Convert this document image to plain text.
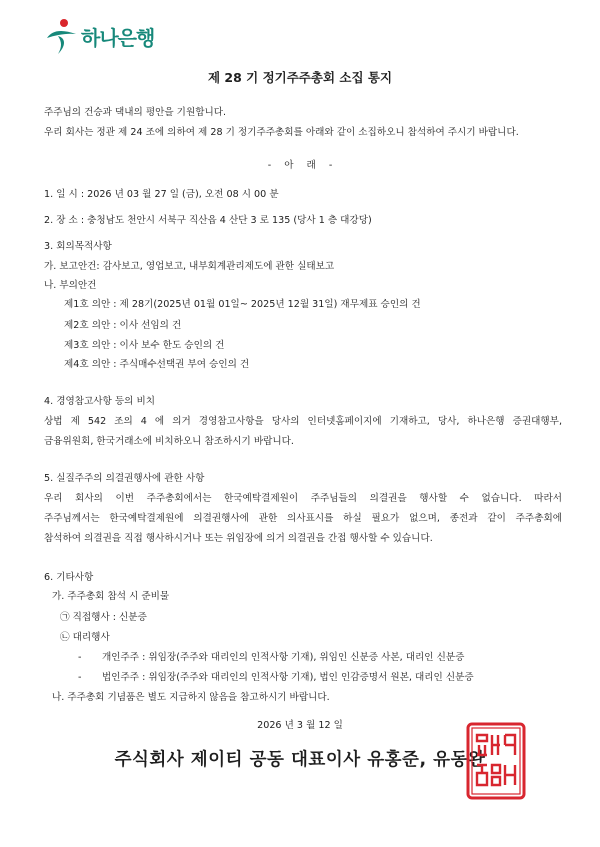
하나은행
제 28 기 정기주주총회 소집 통지
주주님의 건승과 댁내의 평안을 기원합니다.
우리 회사는 정관 제 24 조에 의하여 제 28 기 정기주주총회를 아래와 같이 소집하오니 참석하여 주시기 바랍니다.
- 아 래 -
1. 일 시 : 2026 년 03 월 27 일 (금), 오전 08 시 00 분
2. 장 소 : 충청남도 천안시 서북구 직산읍 4 산단 3 로 135 (당사 1 층 대강당)
3. 회의목적사항
가. 보고안건: 감사보고, 영업보고, 내부회계관리제도에 관한 실태보고
나. 부의안건
제1호 의안 : 제 28기(2025년 01월 01일~ 2025년 12월 31일) 재무제표 승인의 건
제2호 의안 : 이사 선임의 건
제3호 의안 : 이사 보수 한도 승인의 건
제4호 의안 : 주식매수선택권 부여 승인의 건
4. 경영참고사항 등의 비치
상법 제 542 조의 4 에 의거 경영참고사항을 당사의 인터넷홈페이지에 기재하고, 당사, 하나은행 증권대행부,
금융위원회, 한국거래소에 비치하오니 참조하시기 바랍니다.
5. 실질주주의 의결권행사에 관한 사항
우리 회사의 이번 주주총회에서는 한국예탁결제원이 주주님들의 의결권을 행사할 수 없습니다. 따라서
주주님께서는 한국예탁결제원에 의결권행사에 관한 의사표시를 하실 필요가 없으며, 종전과 같이 주주총회에
참석하여 의결권을 직접 행사하시거나 또는 위임장에 의거 의결권을 간접 행사할 수 있습니다.
6. 기타사항
가. 주주총회 참석 시 준비물
㉠ 직접행사 : 신분증
㉡ 대리행사
- 개인주주 : 위임장(주주와 대리인의 인적사항 기재), 위임인 신분증 사본, 대리인 신분증
- 법인주주 : 위임장(주주와 대리인의 인적사항 기재), 법인 인감증명서 원본, 대리인 신분증
나. 주주총회 기념품은 별도 지급하지 않음을 참고하시기 바랍니다.
2026 년 3 월 12 일
주식회사 제이티 공동 대표이사 유홍준, 유동완
